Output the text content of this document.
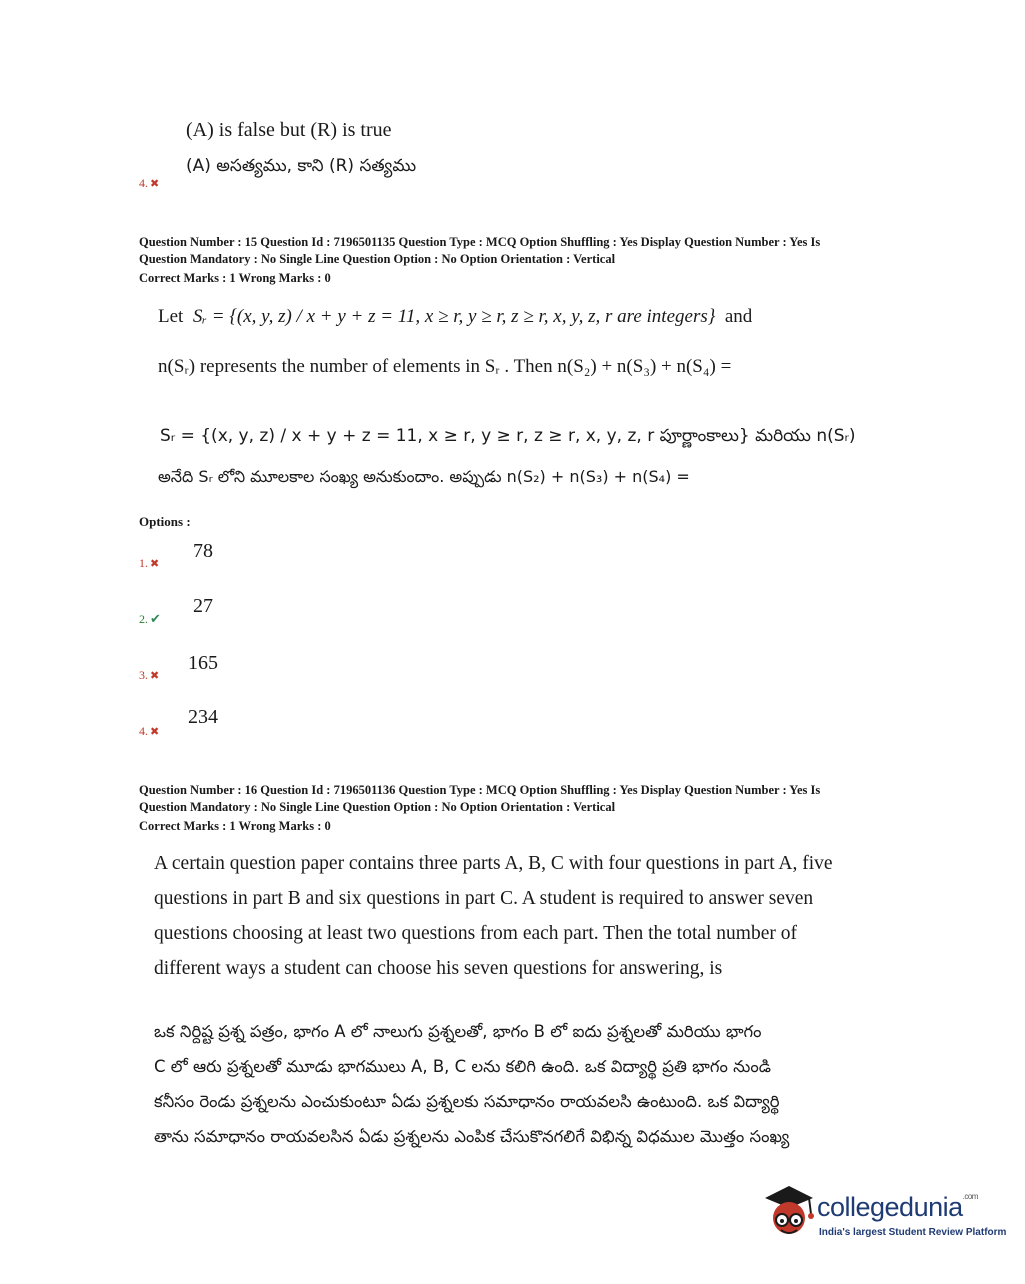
(A) is false but (R) is true
(A) అసత్యము, కాని (R) సత్యము
4. ✖
Question Number : 15 Question Id : 7196501135 Question Type : MCQ Option Shuffling : Yes Display Question Number : Yes Is
Question Mandatory : No Single Line Question Option : No Option Orientation : Vertical
Correct Marks : 1 Wrong Marks : 0
Let Sᵣ = {(x, y, z) / x + y + z = 11, x ≥ r, y ≥ r, z ≥ r, x, y, z, r are integers} and
n(Sᵣ) represents the number of elements in Sᵣ . Then n(S₂) + n(S₃) + n(S₄) =
Sᵣ = {(x, y, z) / x + y + z = 11, x ≥ r, y ≥ r, z ≥ r, x, y, z, r పూర్ణాంకాలు} మరియు n(Sᵣ)
అనేది Sᵣ లోని మూలకాల సంఖ్య అనుకుందాం. అప్పుడు n(S₂) + n(S₃) + n(S₄) =
Options :
1. ✖
78
2. ✔
27
3. ✖
165
4. ✖
234
Question Number : 16 Question Id : 7196501136 Question Type : MCQ Option Shuffling : Yes Display Question Number : Yes Is
Question Mandatory : No Single Line Question Option : No Option Orientation : Vertical
Correct Marks : 1 Wrong Marks : 0
A certain question paper contains three parts A, B, C with four questions in part A, five
questions in part B and six questions in part C. A student is required to answer seven
questions choosing at least two questions from each part. Then the total number of
different ways a student can choose his seven questions for answering, is
ఒక నిర్దిష్ట ప్రశ్న పత్రం, భాగం A లో నాలుగు ప్రశ్నలతో, భాగం B లో ఐదు ప్రశ్నలతో మరియు భాగం
C లో ఆరు ప్రశ్నలతో మూడు భాగములు A, B, C లను కలిగి ఉంది. ఒక విద్యార్థి ప్రతి భాగం నుండి
కనీసం రెండు ప్రశ్నలను ఎంచుకుంటూ ఏడు ప్రశ్నలకు సమాధానం రాయవలసి ఉంటుంది. ఒక విద్యార్థి
తాను సమాధానం రాయవలసిన ఏడు ప్రశ్నలను ఎంపిక చేసుకొనగలిగే విభిన్న విధముల మొత్తం సంఖ్య
collegedunia$^{.com}$
India's largest Student Review Platform
